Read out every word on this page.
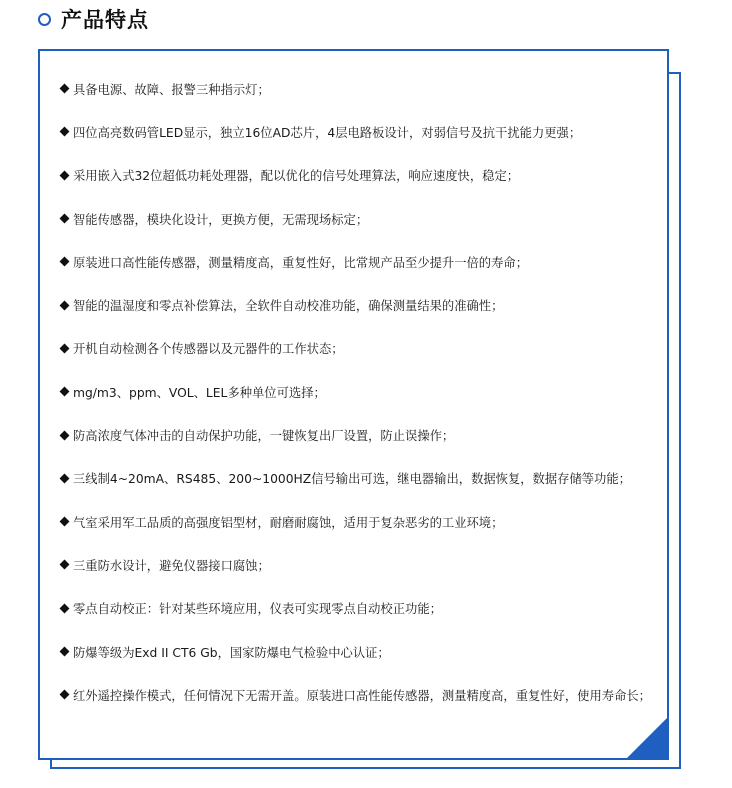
产品特点
具备电源、故障、报警三种指示灯；
四位高亮数码管LED显示，独立16位AD芯片，4层电路板设计，对弱信号及抗干扰能力更强；
采用嵌入式32位超低功耗处理器，配以优化的信号处理算法，响应速度快，稳定；
智能传感器，模块化设计，更换方便，无需现场标定；
原装进口高性能传感器，测量精度高，重复性好，比常规产品至少提升一倍的寿命；
智能的温湿度和零点补偿算法，全软件自动校准功能，确保测量结果的准确性；
开机自动检测各个传感器以及元器件的工作状态；
mg/m3、ppm、VOL、LEL多种单位可选择；
防高浓度气体冲击的自动保护功能，一键恢复出厂设置，防止误操作；
三线制4~20mA、RS485、200~1000HZ信号输出可选，继电器输出，数据恢复，数据存储等功能；
气室采用军工品质的高强度铝型材，耐磨耐腐蚀，适用于复杂恶劣的工业环境；
三重防水设计，避免仪器接口腐蚀；
零点自动校正：针对某些环境应用，仪表可实现零点自动校正功能；
防爆等级为Exd II CT6 Gb，国家防爆电气检验中心认证；
红外遥控操作模式，任何情况下无需开盖。原装进口高性能传感器，测量精度高，重复性好，使用寿命长；
